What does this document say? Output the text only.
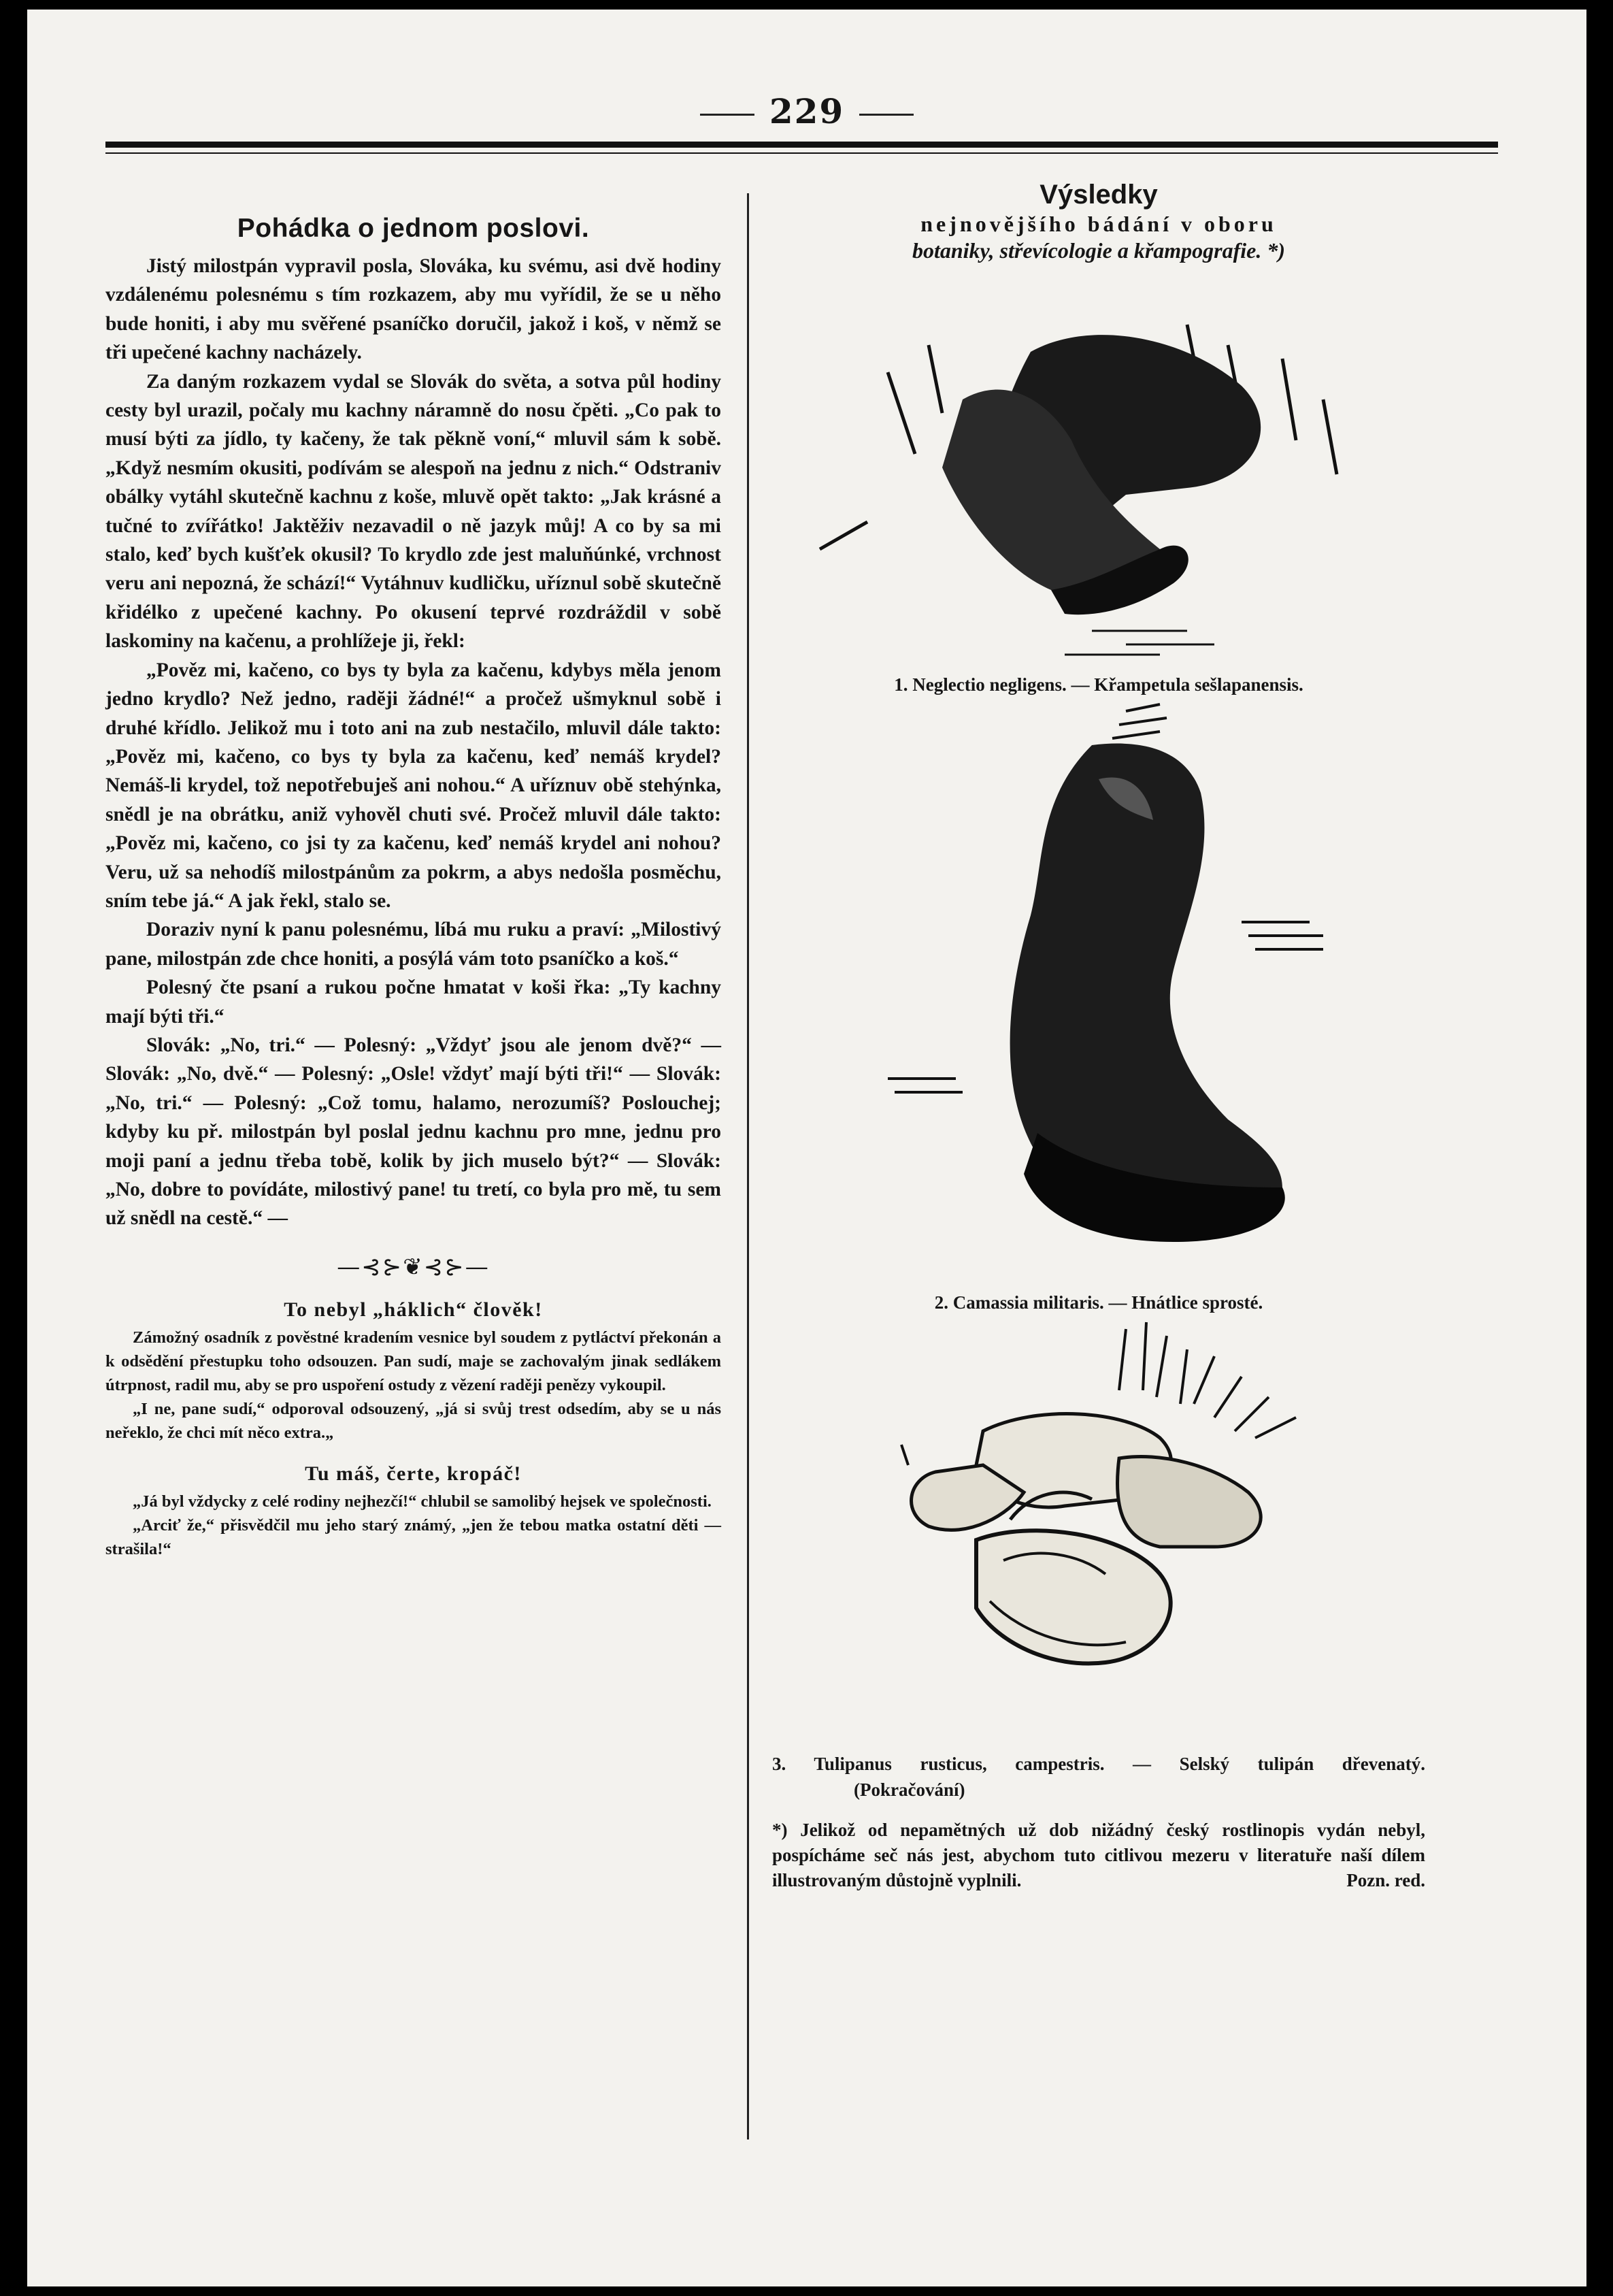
229
Pohádka o jednom poslovi.

Jistý milostpán vypravil posla, Slováka, ku svému, asi dvě hodiny vzdálenému polesnému s tím rozkazem, aby mu vyřídil, že se u něho bude honiti, i aby mu svěřené psaníčko doručil, jakož i koš, v němž se tři upečené kachny nacházely.

Za daným rozkazem vydal se Slovák do světa, a sotva půl hodiny cesty byl urazil, počaly mu kachny náramně do nosu čpěti. „Co pak to musí býti za jídlo, ty kačeny, že tak pěkně voní,“ mluvil sám k sobě. „Když nesmím okusiti, podívám se alespoň na jednu z nich.“ Odstraniv obálky vytáhl skutečně kachnu z koše, mluvě opět takto: „Jak krásné a tučné to zvířátko! Jaktěživ nezavadil o ně jazyk můj! A co by sa mi stalo, keď bych kušťek okusil? To krydlo zde jest maluňúnké, vrchnost veru ani nepozná, že schází!“ Vytáhnuv kudličku, uříznul sobě skutečně křidélko z upečené kachny. Po okusení teprvé rozdráždil v sobě laskominy na kačenu, a prohlížeje ji, řekl:

„Pověz mi, kačeno, co bys ty byla za kačenu, kdybys měla jenom jedno krydlo? Než jedno, radĕji žádné!“ a pročež ušmyknul sobě i druhé křídlo. Jelikož mu i toto ani na zub nestačilo, mluvil dále takto: „Pověz mi, kačeno, co bys ty byla za kačenu, keď nemáš krydel? Nemáš-li krydel, tož nepotřebuješ ani nohou.“ A uříznuv obě stehýnka, snědl je na obrátku, aniž vyhověl chuti své. Pročež mluvil dále takto: „Pověz mi, kačeno, co jsi ty za kačenu, keď nemáš krydel ani nohou? Veru, už sa nehodíš milostpánům za pokrm, a abys nedošla posměchu, sním tebe já.“ A jak řekl, stalo se.

Doraziv nyní k panu polesnému, líbá mu ruku a praví: „Milostivý pane, milostpán zde chce honiti, a posýlá vám toto psaníčko a koš.“

Polesný čte psaní a rukou počne hmatat v koši řka: „Ty kachny mají býti tři.“

Slovák: „No, tri.“ — Polesný: „Vždyť jsou ale jenom dvě?“ — Slovák: „No, dvě.“ — Polesný: „Osle! vždyť mají býti tři!“ — Slovák: „No, tri.“ — Polesný: „Což tomu, halamo, nerozumíš? Poslouchej; kdyby ku př. milostpán byl poslal jednu kachnu pro mne, jednu pro moji paní a jednu třeba tobě, kolik by jich muselo být?“ — Slovák: „No, dobre to povídáte, milostivý pane! tu tretí, co byla pro mě, tu sem už snědl na cestě.“ —

—⊰⊱❦⊰⊱—
To nebyl „háklich“ člověk!

Zámožný osadník z pověstné kradením vesnice byl soudem z pytláctví překonán a k odsědění přestupku toho odsouzen. Pan sudí, maje se zachovalým jinak sedlákem útrpnost, radil mu, aby se pro uspoření ostudy z vězení raději penězy vykoupil.

„I ne, pane sudí,“ odporoval odsouzený, „já si svůj trest odsedím, aby se u nás neřeklo, že chci mít něco extra.„

Tu máš, čerte, kropáč!

„Já byl vždycky z celé rodiny nejhezčí!“ chlubil se samolibý hejsek ve společnosti.

„Arciť že,“ přisvědčil mu jeho starý známý, „jen že tebou matka ostatní děti — strašila!“

Výsledky
nejnovějšího bádání v oboru
botaniky, střevícologie a křampografie. *)
1. Neglectio negligens. — Křampetula sešlapanensis.
2. Camassia militaris. — Hnátlice sprosté.
3. Tulipanus rusticus, campestris. — Selský tulipán dřevenatý. (Pokračování)
*) Jelikož od nepamětných už dob nižádný český rostlinopis vydán nebyl, pospícháme seč nás jest, abychom tuto citlivou mezeru v literatuře naší dílem illustrovaným důstojně vyplnili.	Pozn. red.
